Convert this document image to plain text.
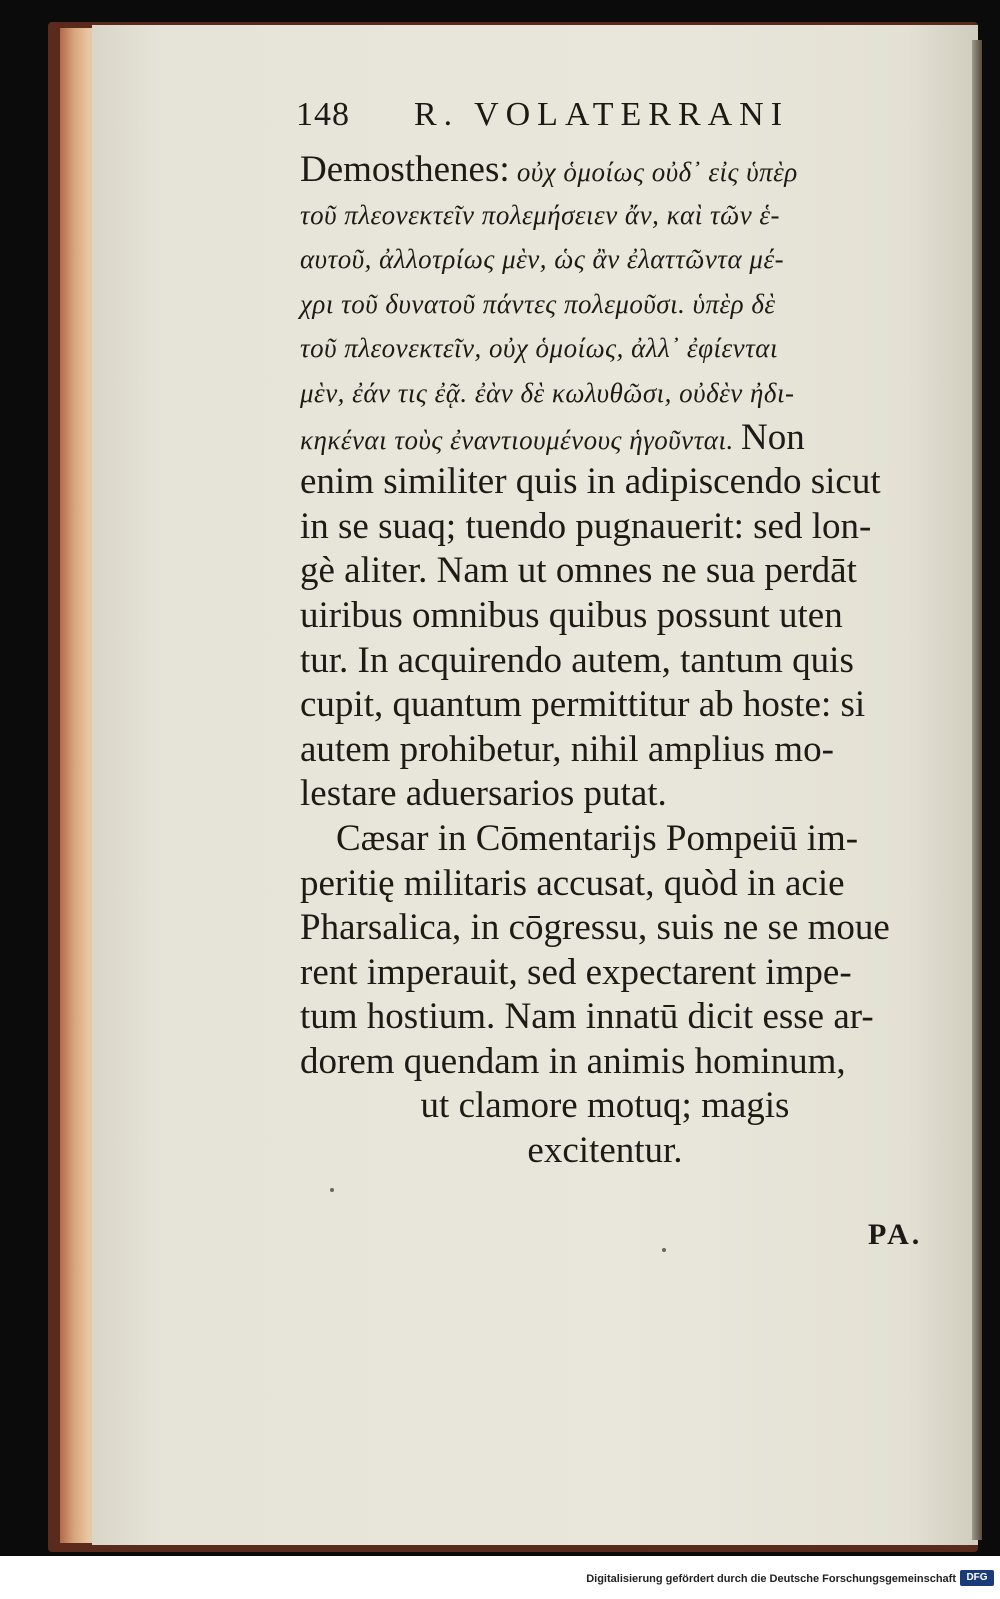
148 R. VOLATERRANI
Demosthenes: οὐχ ὁμοίως οὐδ᾿ εἰς ὑπὲρ
τοῦ πλεονεκτεῖν πολεμήσειεν ἄν, καὶ τῶν ἑ-
αυτοῦ, ἀλλοτρίως μὲν, ὡς ἂν ἐλαττῶντα μέ-
χρι τοῦ δυνατοῦ πάντες πολεμοῦσι. ὑπὲρ δὲ
τοῦ πλεονεκτεῖν, οὐχ ὁμοίως, ἀλλ᾿ ἐφίενται
μὲν, ἐάν τις ἐᾷ. ἐὰν δὲ κωλυθῶσι, οὐδὲν ἠδι-
κηκέναι τοὺς ἐναντιουμένους ἡγοῦνται. Non
enim similiter quis in adipiscendo sicut
in se suaq; tuendo pugnauerit: sed lon-
gè aliter. Nam ut omnes ne sua perdāt
uiribus omnibus quibus possunt uten
tur. In acquirendo autem, tantum quis
cupit, quantum permittitur ab hoste: si
autem prohibetur, nihil amplius mo-
lestare aduersarios putat.
Cæsar in Cōmentarijs Pompeiū im-
peritię militaris accusat, quòd in acie
Pharsalica, in cōgressu, suis ne se moue
rent imperauit, sed expectarent impe-
tum hostium. Nam innatū dicit esse ar-
dorem quendam in animis hominum,
ut clamore motuq; magis
excitentur.
PA.
Digitalisierung gefördert durch die Deutsche Forschungsgemeinschaft	DFG
